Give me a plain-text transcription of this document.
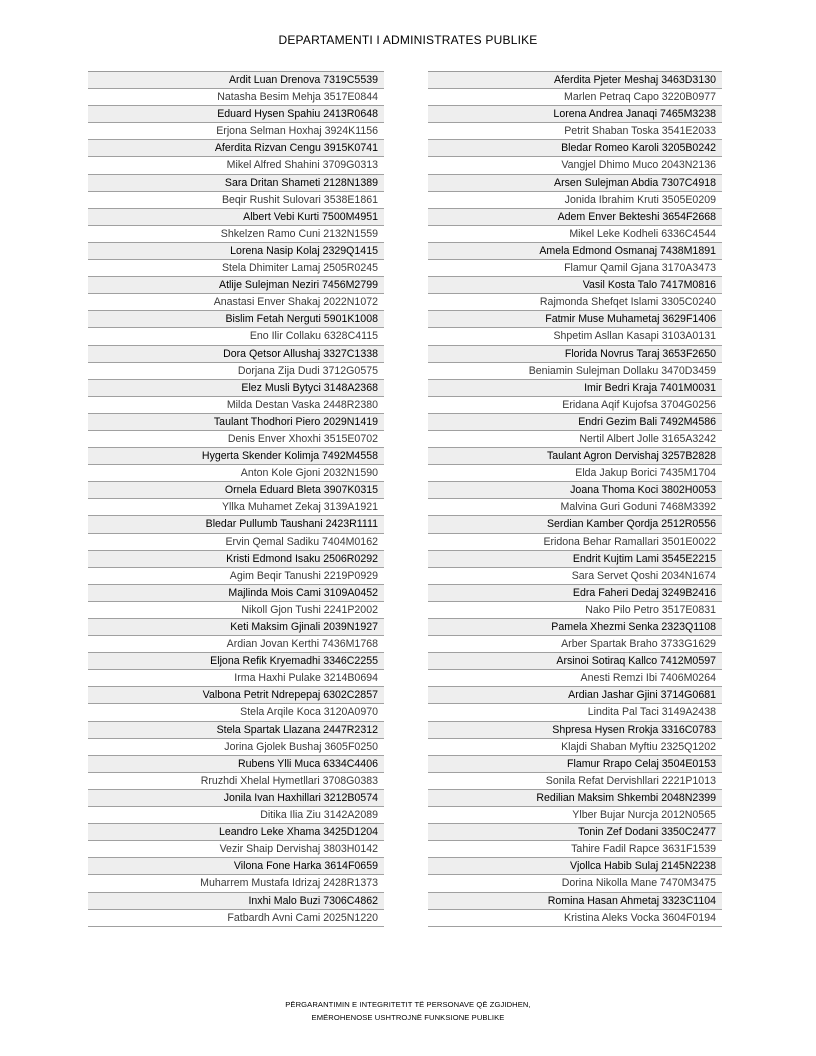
DEPARTAMENTI I ADMINISTRATES PUBLIKE
Ardit Luan Drenova 7319C5539
Natasha Besim Mehja 3517E0844
Eduard Hysen Spahiu 2413R0648
Erjona Selman Hoxhaj 3924K1156
Aferdita Rizvan Cengu 3915K0741
Mikel Alfred Shahini 3709G0313
Sara Dritan Shameti 2128N1389
Beqir Rushit Sulovari 3538E1861
Albert Vebi Kurti 7500M4951
Shkelzen Ramo Cuni 2132N1559
Lorena Nasip Kolaj 2329Q1415
Stela Dhimiter Lamaj 2505R0245
Atlije Sulejman Neziri 7456M2799
Anastasi Enver Shakaj 2022N1072
Bislim Fetah Nerguti 5901K1008
Eno Ilir Collaku 6328C4115
Dora Qetsor Allushaj 3327C1338
Dorjana Zija Dudi 3712G0575
Elez Musli Bytyci 3148A2368
Milda Destan Vaska 2448R2380
Taulant Thodhori Piero 2029N1419
Denis Enver Xhoxhi 3515E0702
Hygerta Skender Kolimja 7492M4558
Anton Kole Gjoni 2032N1590
Ornela Eduard Bleta 3907K0315
Yllka Muhamet Zekaj 3139A1921
Bledar Pullumb Taushani 2423R1111
Ervin Qemal Sadiku 7404M0162
Kristi Edmond Isaku 2506R0292
Agim Beqir Tanushi 2219P0929
Majlinda Mois Cami 3109A0452
Nikoll Gjon Tushi 2241P2002
Keti Maksim Gjinali 2039N1927
Ardian Jovan Kerthi 7436M1768
Eljona Refik Kryemadhi 3346C2255
Irma Haxhi Pulake 3214B0694
Valbona Petrit Ndrepepaj 6302C2857
Stela Arqile Koca 3120A0970
Stela Spartak Llazana 2447R2312
Jorina Gjolek Bushaj 3605F0250
Rubens Ylli Muca 6334C4406
Rruzhdi Xhelal Hymetllari 3708G0383
Jonila Ivan Haxhillari 3212B0574
Ditika Ilia Ziu 3142A2089
Leandro Leke Xhama 3425D1204
Vezir Shaip Dervishaj 3803H0142
Vilona Fone Harka 3614F0659
Muharrem Mustafa Idrizaj 2428R1373
Inxhi Malo Buzi 7306C4862
Fatbardh Avni Cami 2025N1220
Aferdita Pjeter Meshaj 3463D3130
Marlen Petraq Capo 3220B0977
Lorena Andrea Janaqi 7465M3238
Petrit Shaban Toska 3541E2033
Bledar Romeo Karoli 3205B0242
Vangjel Dhimo Muco 2043N2136
Arsen Sulejman Abdia 7307C4918
Jonida Ibrahim Kruti 3505E0209
Adem Enver Bekteshi 3654F2668
Mikel Leke Kodheli 6336C4544
Amela Edmond Osmanaj 7438M1891
Flamur Qamil Gjana 3170A3473
Vasil Kosta Talo 7417M0816
Rajmonda Shefqet Islami 3305C0240
Fatmir Muse Muhametaj 3629F1406
Shpetim Asllan Kasapi 3103A0131
Florida Novrus Taraj 3653F2650
Beniamin Sulejman Dollaku 3470D3459
Imir Bedri Kraja 7401M0031
Eridana Aqif Kujofsa 3704G0256
Endri Gezim Bali 7492M4586
Nertil Albert Jolle 3165A3242
Taulant Agron Dervishaj 3257B2828
Elda Jakup Borici 7435M1704
Joana Thoma Koci 3802H0053
Malvina Guri Goduni 7468M3392
Serdian Kamber Qordja 2512R0556
Eridona Behar Ramallari 3501E0022
Endrit Kujtim Lami 3545E2215
Sara Servet Qoshi 2034N1674
Edra Faheri Dedaj 3249B2416
Nako Pilo Petro 3517E0831
Pamela Xhezmi Senka 2323Q1108
Arber Spartak Braho 3733G1629
Arsinoi Sotiraq Kallco 7412M0597
Anesti Remzi Ibi 7406M0264
Ardian Jashar Gjini 3714G0681
Lindita Pal Taci 3149A2438
Shpresa Hysen Rrokja 3316C0783
Klajdi Shaban Myftiu 2325Q1202
Flamur Rrapo Celaj 3504E0153
Sonila Refat Dervishllari 2221P1013
Redilian Maksim Shkembi 2048N2399
Ylber Bujar Nurcja 2012N0565
Tonin Zef Dodani 3350C2477
Tahire Fadil Rapce 3631F1539
Vjollca Habib Sulaj 2145N2238
Dorina Nikolla Mane 7470M3475
Romina Hasan Ahmetaj 3323C1104
Kristina Aleks Vocka 3604F0194
PËRGARANTIMIN E INTEGRITETIT TË PERSONAVE QË ZGJIDHEN,
EMËROHENOSE USHTROJNË FUNKSIONE PUBLIKE
